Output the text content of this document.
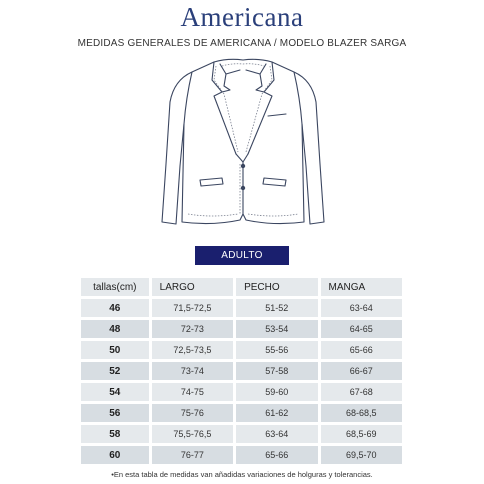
Americana
MEDIDAS GENERALES DE AMERICANA / MODELO BLAZER SARGA
ADULTO
tallas(cm)	LARGO	PECHO	MANGA
46	71,5-72,5	51-52	63-64
48	72-73	53-54	64-65
50	72,5-73,5	55-56	65-66
52	73-74	57-58	66-67
54	74-75	59-60	67-68
56	75-76	61-62	68-68,5
58	75,5-76,5	63-64	68,5-69
60	76-77	65-66	69,5-70
•En esta tabla de medidas van añadidas variaciones de holguras y tolerancias.
